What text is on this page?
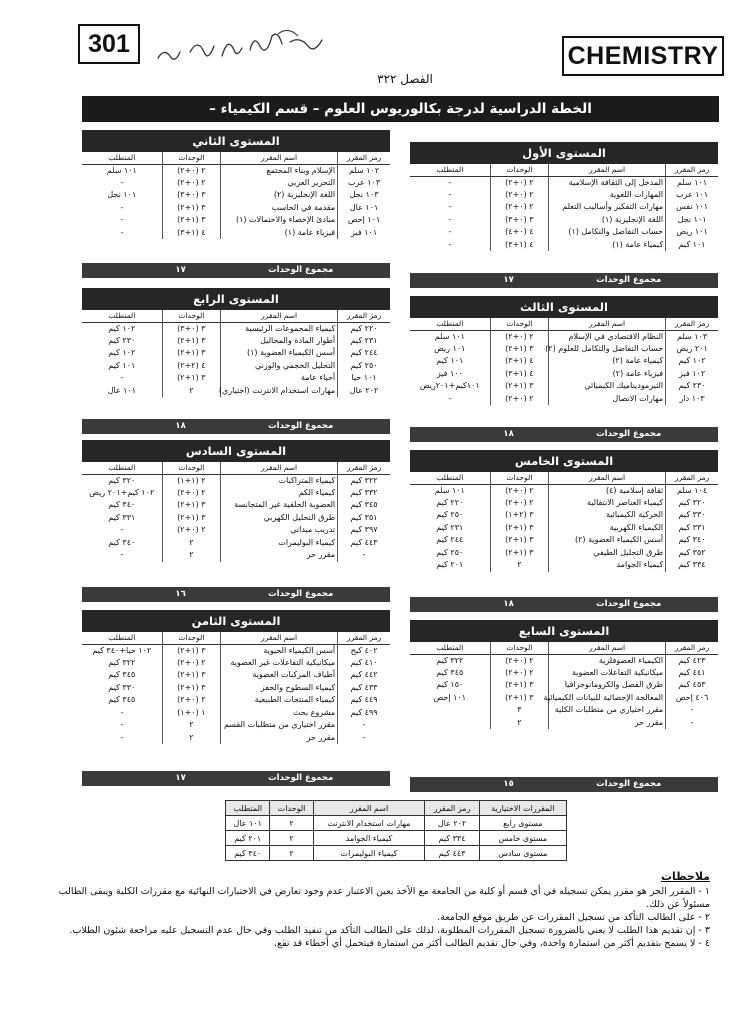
301	CHEMISTRY
الفصل ٣٢٢
الخطة الدراسية لدرجة بكالوريوس العلوم – قسم الكيمياء –
المستوى الأول
رمز المقرر	اسم المقرر	الوحدات	المتطلب
١٠١ سلم	المدخل إلى الثقافة الإسلامية	٢ (٠+٢)	-
١٠١ عرب	المهارات اللغوية	٢ (٠+٢)	-
١٠١ نفس	مهارات التفكير وأساليب التعلم	٢ (٠+٢)	-
١٠١ نجل	اللغة الإنجليزية (١)	٣ (٠+٣)	-
١٠١ ريض	حساب التفاضل والتكامل (١)	٤ (٠+٤)	-
١٠١ كيم	كيمياء عامة (١)	٤ (١+٣)	-
مجموع الوحدات
١٧
المستوى الثاني
رمز المقرر	اسم المقرر	الوحدات	المتطلب
١٠٢ سلم	الإسلام وبناء المجتمع	٢ (٠+٢)	١٠١ سلم
١٠٣ عرب	التحرير العربي	٢ (٠+٢)	-
١٠٣ نجل	اللغة الإنجليزية (٢)	٣ (٠+٣)	١٠١ نجل
١٠١ عال	مقدمة في الحاسب	٣ (١+٢)	-
١٠١ إحص	مبادئ الإحصاء والاحتمالات (١)	٣ (١+٢)	-
١٠١ فيز	فيزياء عامة (١)	٤ (١+٣)	-
مجموع الوحدات
١٧
المستوى الثالث
رمز المقرر	اسم المقرر	الوحدات	المتطلب
١٠٣ سلم	النظام الاقتصادي في الإسلام	٢ (٠+٢)	١٠١ سلم
٢٠١ ريض	حساب التفاضل والتكامل للعلوم (٢)	٣ (١+٢)	١٠١ ريض
١٠٢ كيم	كيمياء عامة (٢)	٤ (١+٣)	١٠١ كيم
١٠٢ فيز	فيزياء عامة (٢)	٤ (١+٣)	١٠٠ فيز
٢٣٠ كيم	الثيرموديناميك الكيميائي	٣ (١+٢)	١٠١كيم+٢٠١ريض
١٠٣ دار	مهارات الاتصال	٢ (٠+٢)	-
مجموع الوحدات
١٨
المستوى الرابع
رمز المقرر	اسم المقرر	الوحدات	المتطلب
٢٢٠ كيم	كيمياء المجموعات الرئيسية	٣ (٠+٣)	١٠٢ كيم
٢٣١ كيم	أطوار المادة والمحاليل	٣ (١+٢)	٢٣٠ كيم
٢٤٤ كيم	أسس الكيمياء العضوية (١)	٣ (١+٢)	١٠٢ كيم
٢٥٠ كيم	التحليل الحجمي والوزني	٤ (٢+٢)	١٠١ كيم
١٠١ حيا	أحياء عامة	٣ (١+٢)	-
٢٠٢ عال	مهارات استخدام الانترنت (اختياري)	٢	١٠١ عال
مجموع الوحدات
١٨
المستوى الخامس
رمز المقرر	اسم المقرر	الوحدات	المتطلب
١٠٤ سلم	ثقافة إسلامية (٤)	٢ (٠+٢)	١٠١ سلم
٣٢٠ كيم	كيمياء العناصر الانتقالية	٢ (٠+٢)	٢٢٠ كيم
٣٣٠ كيم	الحركية الكيميائية	٣ (٢+١)	٢٥٠ كيم
٣٣١ كيم	الكيمياء الكهربية	٣ (١+٢)	٢٣١ كيم
٣٤٠ كيم	أسس الكيمياء العضوية (٢)	٣ (١+٢)	٢٤٤ كيم
٣٥٢ كيم	طرق التحليل الطيفي	٣ (١+٢)	٢٥٠ كيم
٣٣٤ كيم	كيمياء الجوامد	٢	٢٠١ كيم
مجموع الوحدات
١٨
المستوى السادس
رمز المقرر	اسم المقرر	الوحدات	المتطلب
٣٢٢ كيم	كيمياء المتراكبات	٢ (١+١)	٣٢٠ كيم
٣٣٢ كيم	كيمياء الكم	٢ (٠+٢)	١٠٢ كيم+٢٠١ ريض
٣٤٥ كيم	العضوية الحلقية غير المتجانسة	٣ (١+٢)	٣٤٠ كيم
٣٥١ كيم	طرق التحليل الكهربي	٣ (١+٢)	٣٣١ كيم
٣٩٧ كيم	تدريب ميداني	٢ (٠+٢)	-
٤٤٣ كيم	كيمياء البوليمرات	٢	٣٤٠ كيم
-	مقرر حر	٢	-
مجموع الوحدات
١٦
المستوى السابع
رمز المقرر	اسم المقرر	الوحدات	المتطلب
٤٢٣ كيم	الكيمياء العضوفلزية	٢ (٠+٢)	٣٢٢ كيم
٤٤١ كيم	ميكانيكية التفاعلات العضوية	٢ (٠+٢)	٣٤٥ كيم
٤٥٣ كيم	طرق الفصل والكروماتوجرافيا	٣ (١+٢)	١٥٠ كيم
٤٠٦ إحص	المعالجة الإحصائية للبيانات الكيميائية	٣ (١+٢)	١٠١ إحص
-	مقرر اختياري من متطلبات الكلية	٣	
-	مقرر حر	٢	
مجموع الوحدات
١٥
المستوى الثامن
رمز المقرر	اسم المقرر	الوحدات	المتطلب
٤٠٢ كيح	أسس الكيمياء الحيوية	٣ (١+٢)	١٠٢ حيا+٣٤٠ كيم
٤١٠ كيم	ميكانيكية التفاعلات غير العضوية	٢ (٠+٢)	٣٢٢ كيم
٤٤٢ كيم	أطياف المركبات العضوية	٣ (١+٢)	٣٤٥ كيم
٤٣٣ كيم	كيمياء السطوح والحفز	٣ (١+٢)	٣٣٠ كيم
٤٤٩ كيم	كيمياء المنتجات الطبيعية	٢ (٠+٢)	٣٤٥ كيم
٤٩٩ كيم	مشروع بحث	١ (٠+١)	-
-	مقرر اختياري من متطلبات القسم	٢	-
-	مقرر حر	٢	-
مجموع الوحدات
١٧
المقررات الاختيارية	رمز المقرر	اسم المقرر	الوحدات	المتطلب
مستوى رابع	٢٠٢ عال	مهارات استخدام الانترنت	٢	١٠١ عال
مستوى خامس	٣٣٤ كيم	كيمياء الجوامد	٢	٢٠١ كيم
مستوى سادس	٤٤٣ كيم	كيمياء البوليمرات	٢	٣٤٠ كيم
ملاحظات

١ - المقرر الحر هو مقرر يمكن تسجيله في أي قسم أو كلية من الجامعة مع الأخذ بعين الاعتبار عدم وجود تعارض في الاختبارات النهائية مع مقررات الكلية ويبقى الطالب مسئولاً عن ذلك.

٢ - على الطالب التأكد من تسجيل المقررات عن طريق موقع الجامعة.

٣ - إن تقديم هذا الطلب لا يعني بالضرورة تسجيل المقررات المطلوبة، لذلك على الطالب التأكد من تنفيذ الطلب وفي حال عدم التسجيل عليه مراجعة شئون الطلاب.

٤ - لا يسمح بتقديم أكثر من استمارة واحدة، وفي حال تقديم الطالب أكثر من استمارة فيتحمل أي أخطاء قد تقع.
